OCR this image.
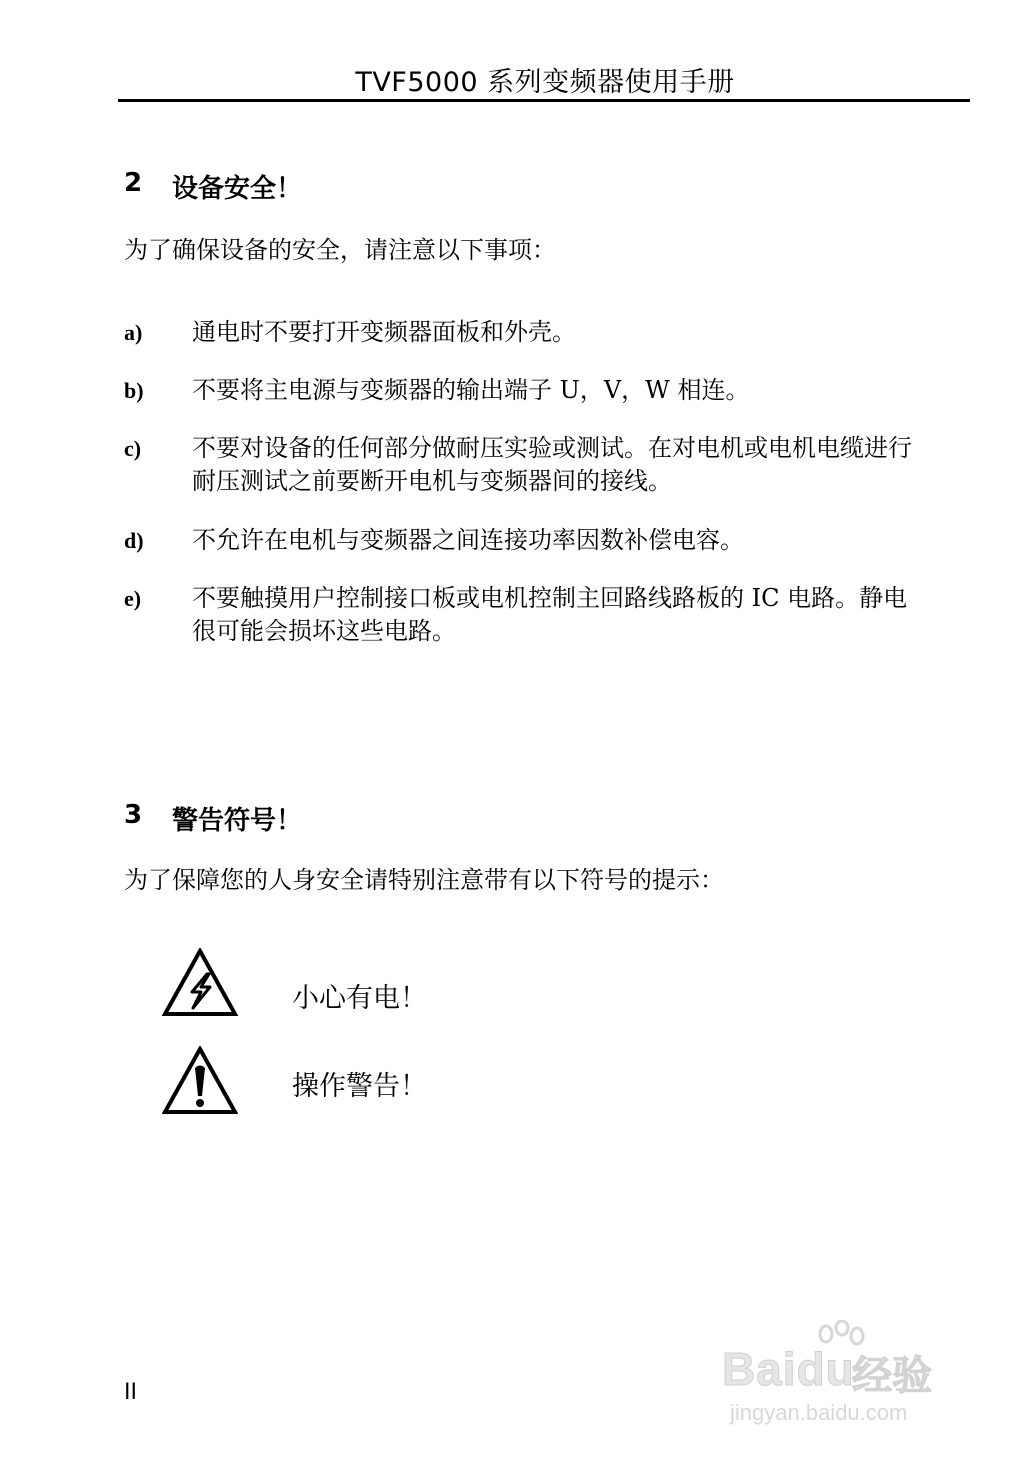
TVF5000 系列变频器使用手册
2 设备安全！
为了确保设备的安全，请注意以下事项：
a) 通电时不要打开变频器面板和外壳。
b) 不要将主电源与变频器的输出端子 U，V，W 相连。
c) 不要对设备的任何部分做耐压实验或测试。在对电机或电机电缆进行
耐压测试之前要断开电机与变频器间的接线。
d) 不允许在电机与变频器之间连接功率因数补偿电容。
e) 不要触摸用户控制接口板或电机控制主回路线路板的 IC 电路。静电
很可能会损坏这些电路。
3 警告符号！
为了保障您的人身安全请特别注意带有以下符号的提示：
小心有电！
操作警告！
II	Baidu
经验
jingyan.baidu.com
